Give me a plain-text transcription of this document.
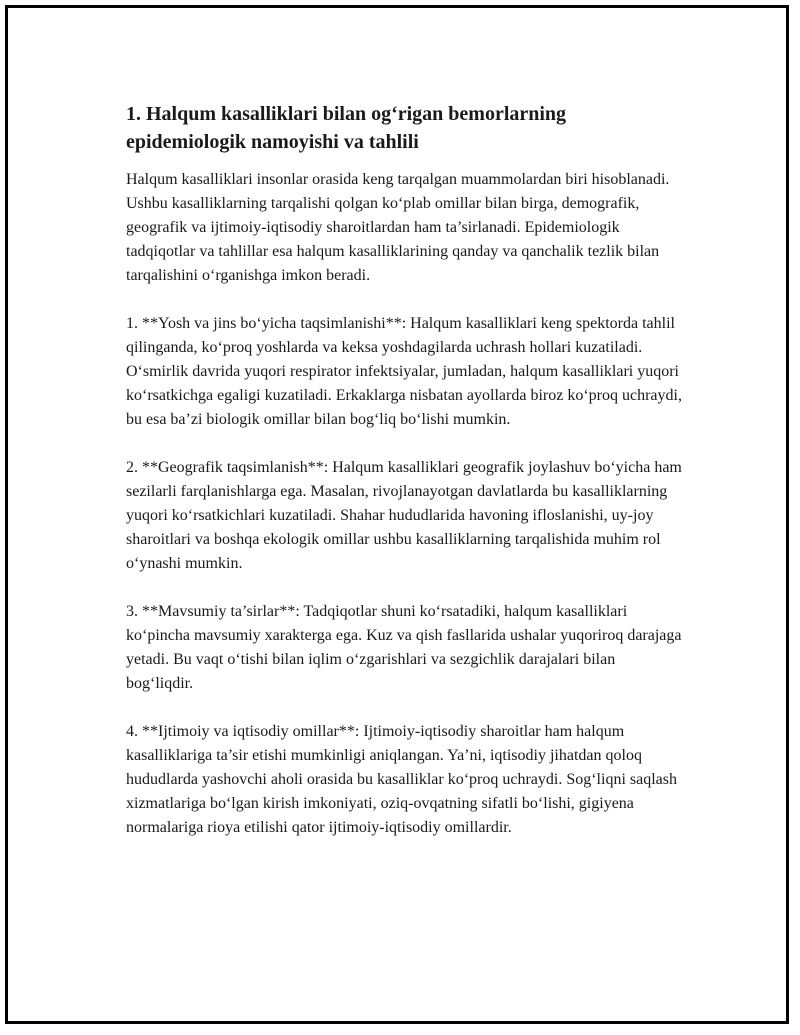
1. Halqum kasalliklari bilan og‘rigan bemorlarning epidemiologik namoyishi va tahlili

Halqum kasalliklari insonlar orasida keng tarqalgan muammolardan biri hisoblanadi. Ushbu kasalliklarning tarqalishi qolgan ko‘plab omillar bilan birga, demografik, geografik va ijtimoiy-iqtisodiy sharoitlardan ham ta’sirlanadi. Epidemiologik tadqiqotlar va tahlillar esa halqum kasalliklarining qanday va qanchalik tezlik bilan tarqalishini o‘rganishga imkon beradi.

1. **Yosh va jins bo‘yicha taqsimlanishi**: Halqum kasalliklari keng spektorda tahlil qilinganda, ko‘proq yoshlarda va keksa yoshdagilarda uchrash hollari kuzatiladi. O‘smirlik davrida yuqori respirator infektsiyalar, jumladan, halqum kasalliklari yuqori ko‘rsatkichga egaligi kuzatiladi. Erkaklarga nisbatan ayollarda biroz ko‘proq uchraydi, bu esa ba’zi biologik omillar bilan bog‘liq bo‘lishi mumkin.

2. **Geografik taqsimlanish**: Halqum kasalliklari geografik joylashuv bo‘yicha ham sezilarli farqlanishlarga ega. Masalan, rivojlanayotgan davlatlarda bu kasalliklarning yuqori ko‘rsatkichlari kuzatiladi. Shahar hududlarida havoning ifloslanishi, uy-joy sharoitlari va boshqa ekologik omillar ushbu kasalliklarning tarqalishida muhim rol o‘ynashi mumkin.

3. **Mavsumiy ta’sirlar**: Tadqiqotlar shuni ko‘rsatadiki, halqum kasalliklari ko‘pincha mavsumiy xarakterga ega. Kuz va qish fasllarida ushalar yuqoriroq darajaga yetadi. Bu vaqt o‘tishi bilan iqlim o‘zgarishlari va sezgichlik darajalari bilan bog‘liqdir.

4. **Ijtimoiy va iqtisodiy omillar**: Ijtimoiy-iqtisodiy sharoitlar ham halqum kasalliklariga ta’sir etishi mumkinligi aniqlangan. Ya’ni, iqtisodiy jihatdan qoloq hududlarda yashovchi aholi orasida bu kasalliklar ko‘proq uchraydi. Sog‘liqni saqlash xizmatlariga bo‘lgan kirish imkoniyati, oziq-ovqatning sifatli bo‘lishi, gigiyena normalariga rioya etilishi qator ijtimoiy-iqtisodiy omillardir.
